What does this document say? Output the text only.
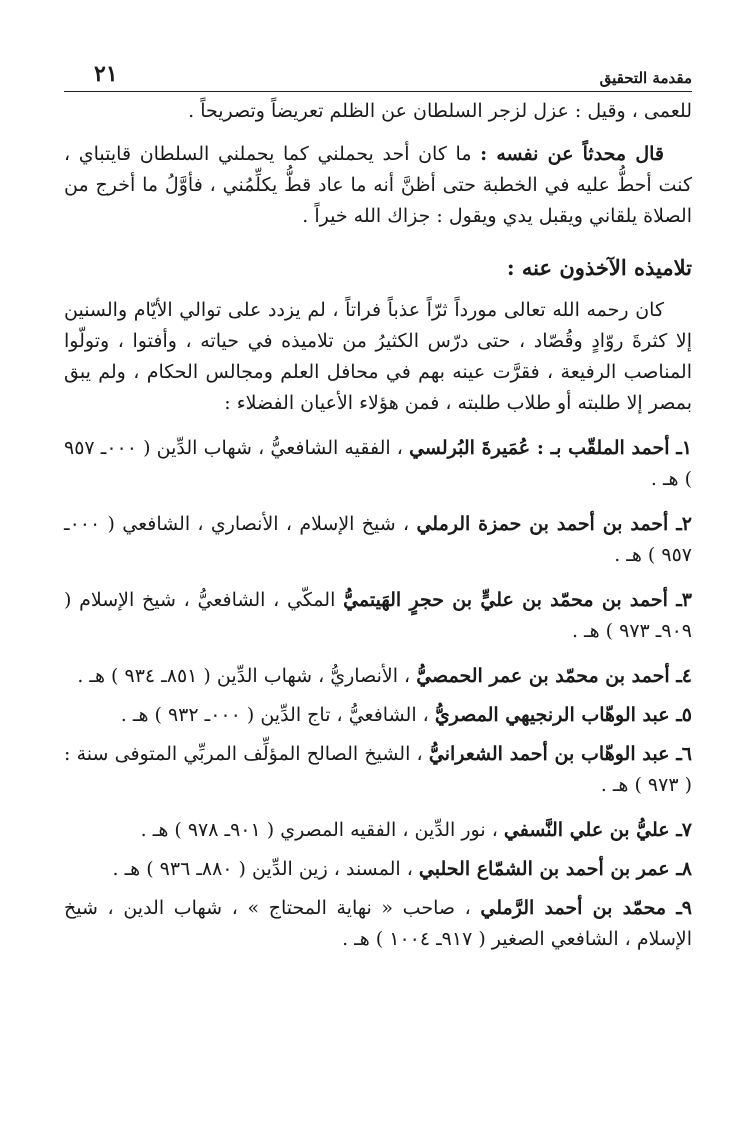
٢١	مقدمة التحقيق

للعمى ، وقيل : عزل لزجر السلطان عن الظلم تعريضاً وتصريحاً .

قال محدثاً عن نفسه : ما كان أحد يحملني كما يحملني السلطان قايتباي ، كنت أحطُّ عليه في الخطبة حتى أظنَّ أنه ما عاد قطُّ يكلِّمُني ، فأوَّلُ ما أخرج من الصلاة يلقاني ويقبل يدي ويقول : جزاك الله خيراً .

تلاميذه الآخذون عنه :

كان رحمه الله تعالى مورداً ثرّاً عذباً فراتاً ، لم يزدد على توالي الأيّام والسنين إلا كثرةَ روّادٍ وقُصّاد ، حتى درّس الكثيرُ من تلاميذه في حياته ، وأفتوا ، وتولّوا المناصب الرفيعة ، فقرَّت عينه بهم في محافل العلم ومجالس الحكام ، ولم يبق بمصر إلا طلبته أو طلاب طلبته ، فمن هؤلاء الأعيان الفضلاء :

١ـ أحمد الملقّب بـ : عُمَيرةَ البُرلسي ، الفقيه الشافعيُّ ، شهاب الدِّين ( ٠٠٠ـ ٩٥٧ ) هـ .

٢ـ أحمد بن أحمد بن حمزة الرملي ، شيخ الإسلام ، الأنصاري ، الشافعي ( ٠٠٠ـ ٩٥٧ ) هـ .

٣ـ أحمد بن محمّد بن عليٍّ بن حجرٍ الهَيتميُّ المكّي ، الشافعيُّ ، شيخ الإسلام ( ٩٠٩ـ ٩٧٣ ) هـ .

٤ـ أحمد بن محمّد بن عمر الحمصيُّ ، الأنصاريُّ ، شهاب الدِّين ( ٨٥١ـ ٩٣٤ ) هـ .

٥ـ عبد الوهّاب الرنجيهي المصريُّ ، الشافعيُّ ، تاج الدِّين ( ٠٠٠ـ ٩٣٢ ) هـ .

٦ـ عبد الوهّاب بن أحمد الشعرانيُّ ، الشيخ الصالح المؤلِّف المربِّي المتوفى سنة : ( ٩٧٣ ) هـ .

٧ـ عليُّ بن علي النَّسفي ، نور الدِّين ، الفقيه المصري ( ٩٠١ـ ٩٧٨ ) هـ .

٨ـ عمر بن أحمد بن الشمّاع الحلبي ، المسند ، زين الدِّين ( ٨٨٠ـ ٩٣٦ ) هـ .

٩ـ محمّد بن أحمد الرَّملي ، صاحب « نهاية المحتاج » ، شهاب الدين ، شيخ الإسلام ، الشافعي الصغير ( ٩١٧ـ ١٠٠٤ ) هـ .
